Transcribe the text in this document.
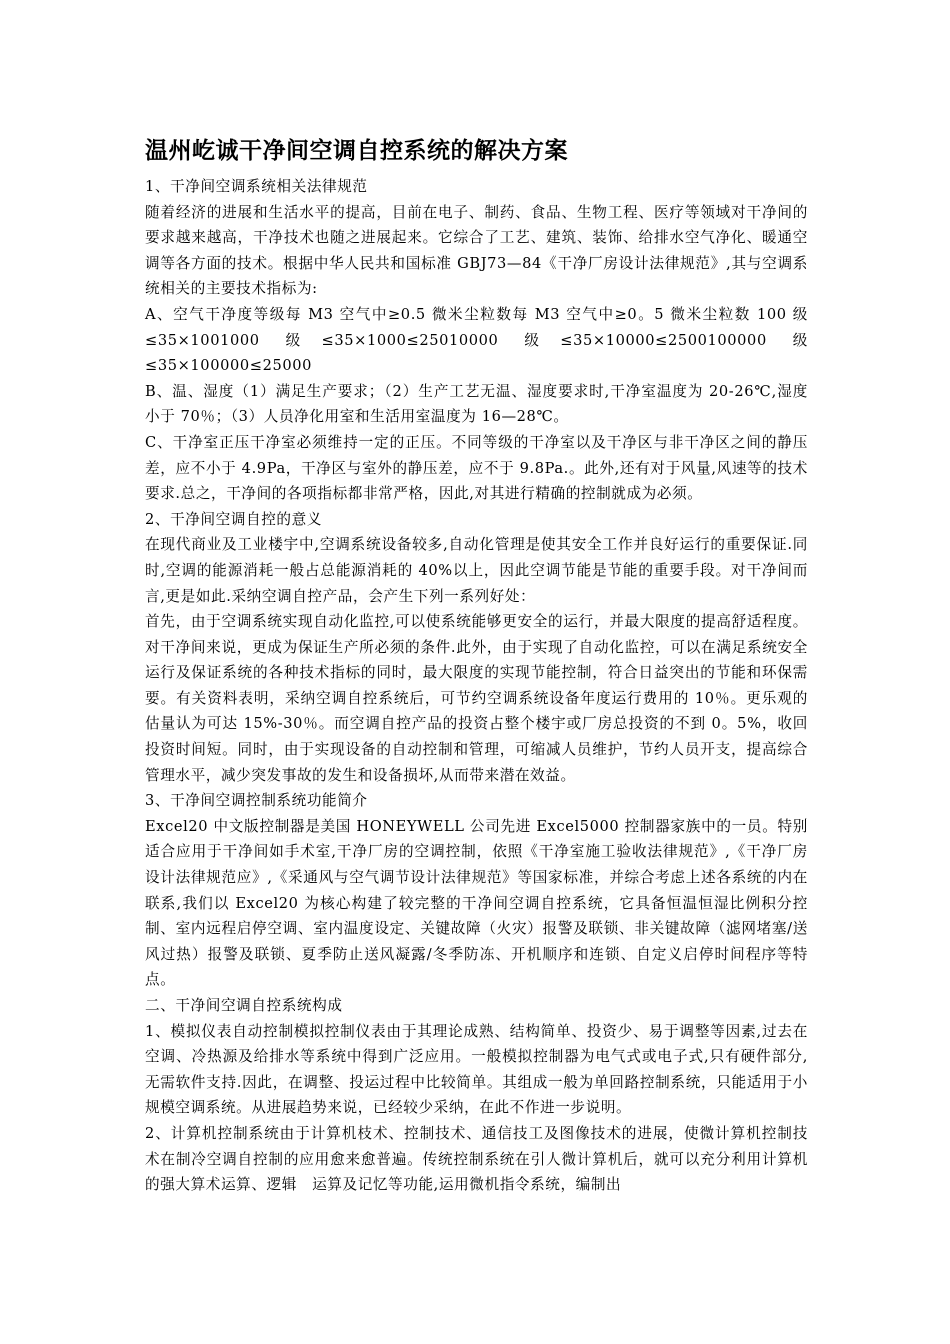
温州屹诚干净间空调自控系统的解决方案

1、干净间空调系统相关法律规范

随着经济的进展和生活水平的提高，目前在电子、制药、食品、生物工程、医疗等领域对干净间的要求越来越高，干净技术也随之进展起来。它综合了工艺、建筑、装饰、给排水空气净化、暖通空调等各方面的技术。根据中华人民共和国标准 GBJ73—84《干净厂房设计法律规范》,其与空调系统相关的主要技术指标为:

A、空气干净度等级每 M3 空气中≥0.5 微米尘粒数每 M3 空气中≥0。5 微米尘粒数 100 级≤35×1001000 级≤35×1000≤25010000 级≤35×10000≤2500100000 级≤35×100000≤25000

B、温、湿度（1）满足生产要求；（2）生产工艺无温、湿度要求时,干净室温度为 20-26℃,湿度小于 70％；（3）人员净化用室和生活用室温度为 16—28℃。

C、干净室正压干净室必须维持一定的正压。不同等级的干净室以及干净区与非干净区之间的静压差，应不小于 4.9Pa，干净区与室外的静压差，应不于 9.8Pa.。此外,还有对于风量,风速等的技术要求.总之，干净间的各项指标都非常严格，因此,对其进行精确的控制就成为必须。

2、干净间空调自控的意义

在现代商业及工业楼宇中,空调系统设备较多,自动化管理是使其安全工作并良好运行的重要保证.同时,空调的能源消耗一般占总能源消耗的 40%以上，因此空调节能是节能的重要手段。对干净间而言,更是如此.采纳空调自控产品，会产生下列一系列好处：

首先，由于空调系统实现自动化监控,可以使系统能够更安全的运行，并最大限度的提高舒适程度。对干净间来说，更成为保证生产所必须的条件.此外，由于实现了自动化监控，可以在满足系统安全运行及保证系统的各种技术指标的同时，最大限度的实现节能控制，符合日益突出的节能和环保需要。有关资料表明，采纳空调自控系统后，可节约空调系统设备年度运行费用的 10％。更乐观的估量认为可达 15%-30％。而空调自控产品的投资占整个楼宇或厂房总投资的不到 0。5%，收回投资时间短。同时，由于实现设备的自动控制和管理，可缩减人员维护，节约人员开支，提高综合管理水平，减少突发事故的发生和设备损坏,从而带来潜在效益。

3、干净间空调控制系统功能简介

Excel20 中文版控制器是美国 HONEYWELL 公司先进 Excel5000 控制器家族中的一员。特别适合应用于干净间如手术室,干净厂房的空调控制，依照《干净室施工验收法律规范》,《干净厂房设计法律规范应》,《采通风与空气调节设计法律规范》等国家标准，并综合考虑上述各系统的内在联系,我们以 Excel20 为核心构建了较完整的干净间空调自控系统，它具备恒温恒湿比例积分控制、室内远程启停空调、室内温度设定、关键故障（火灾）报警及联锁、非关键故障（滤网堵塞/送风过热）报警及联锁、夏季防止送风凝露/冬季防冻、开机顺序和连锁、自定义启停时间程序等特点。

二、干净间空调自控系统构成

1、模拟仪表自动控制模拟控制仪表由于其理论成熟、结构简单、投资少、易于调整等因素,过去在空调、冷热源及给排水等系统中得到广泛应用。一般模拟控制器为电气式或电子式,只有硬件部分,无需软件支持.因此，在调整、投运过程中比较简单。其组成一般为单回路控制系统，只能适用于小规模空调系统。从进展趋势来说，已经较少采纳，在此不作进一步说明。

2、计算机控制系统由于计算机枝术、控制技术、通信技工及图像技术的进展，使微计算机控制技术在制冷空调自控制的应用愈来愈普遍。传统控制系统在引人微计算机后，就可以充分利用计算机的强大算术运算、逻辑　运算及记忆等功能,运用微机指令系统，编制出
